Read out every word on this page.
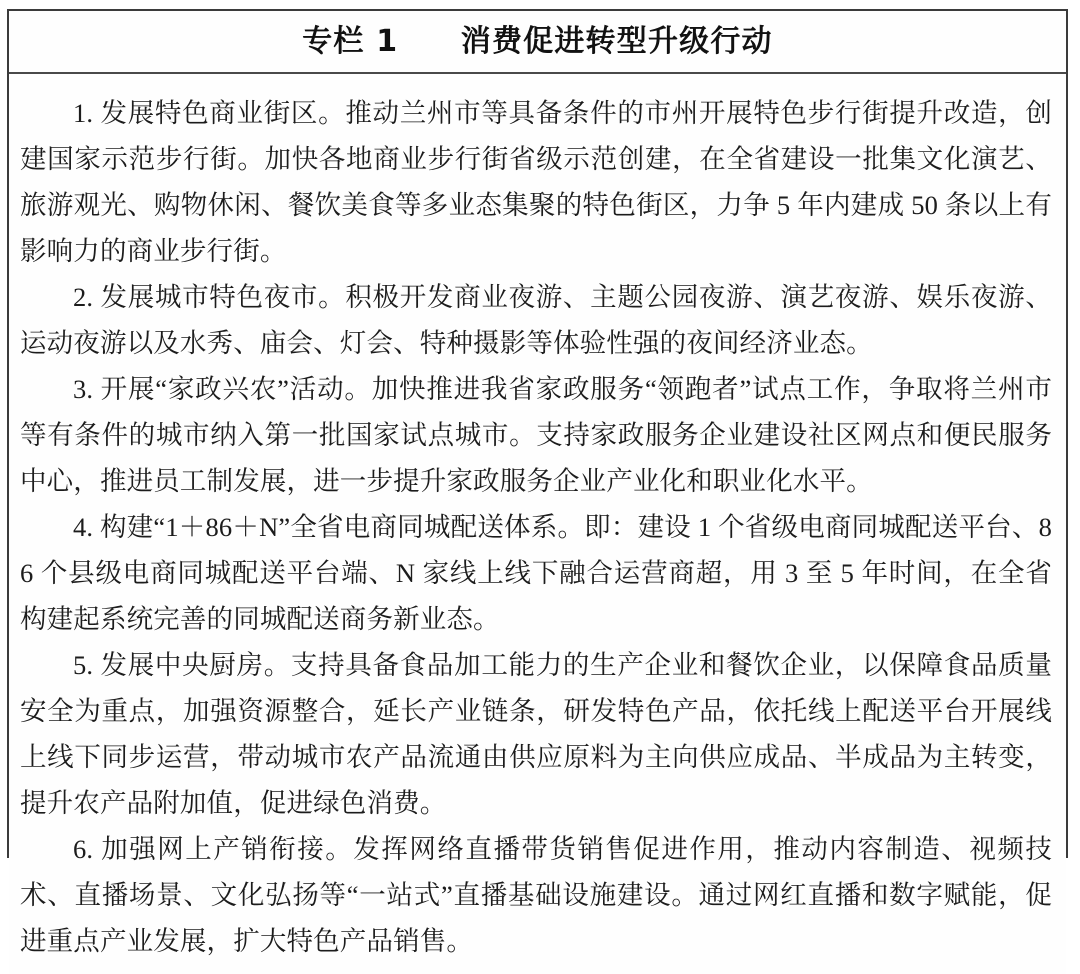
专栏 1　　消费促进转型升级行动

1. 发展特色商业街区。推动兰州市等具备条件的市州开展特色步行街提升改造，创建国家示范步行街。加快各地商业步行街省级示范创建，在全省建设一批集文化演艺、旅游观光、购物休闲、餐饮美食等多业态集聚的特色街区，力争 5 年内建成 50 条以上有影响力的商业步行街。

2. 发展城市特色夜市。积极开发商业夜游、主题公园夜游、演艺夜游、娱乐夜游、运动夜游以及水秀、庙会、灯会、特种摄影等体验性强的夜间经济业态。

3. 开展“家政兴农”活动。加快推进我省家政服务“领跑者”试点工作，争取将兰州市等有条件的城市纳入第一批国家试点城市。支持家政服务企业建设社区网点和便民服务中心，推进员工制发展，进一步提升家政服务企业产业化和职业化水平。

4. 构建“1＋86＋N”全省电商同城配送体系。即：建设 1 个省级电商同城配送平台、86 个县级电商同城配送平台端、N 家线上线下融合运营商超，用 3 至 5 年时间，在全省构建起系统完善的同城配送商务新业态。

5. 发展中央厨房。支持具备食品加工能力的生产企业和餐饮企业，以保障食品质量安全为重点，加强资源整合，延长产业链条，研发特色产品，依托线上配送平台开展线上线下同步运营，带动城市农产品流通由供应原料为主向供应成品、半成品为主转变，提升农产品附加值，促进绿色消费。

6. 加强网上产销衔接。发挥网络直播带货销售促进作用，推动内容制造、视频技术、直播场景、文化弘扬等“一站式”直播基础设施建设。通过网红直播和数字赋能，促进重点产业发展，扩大特色产品销售。
